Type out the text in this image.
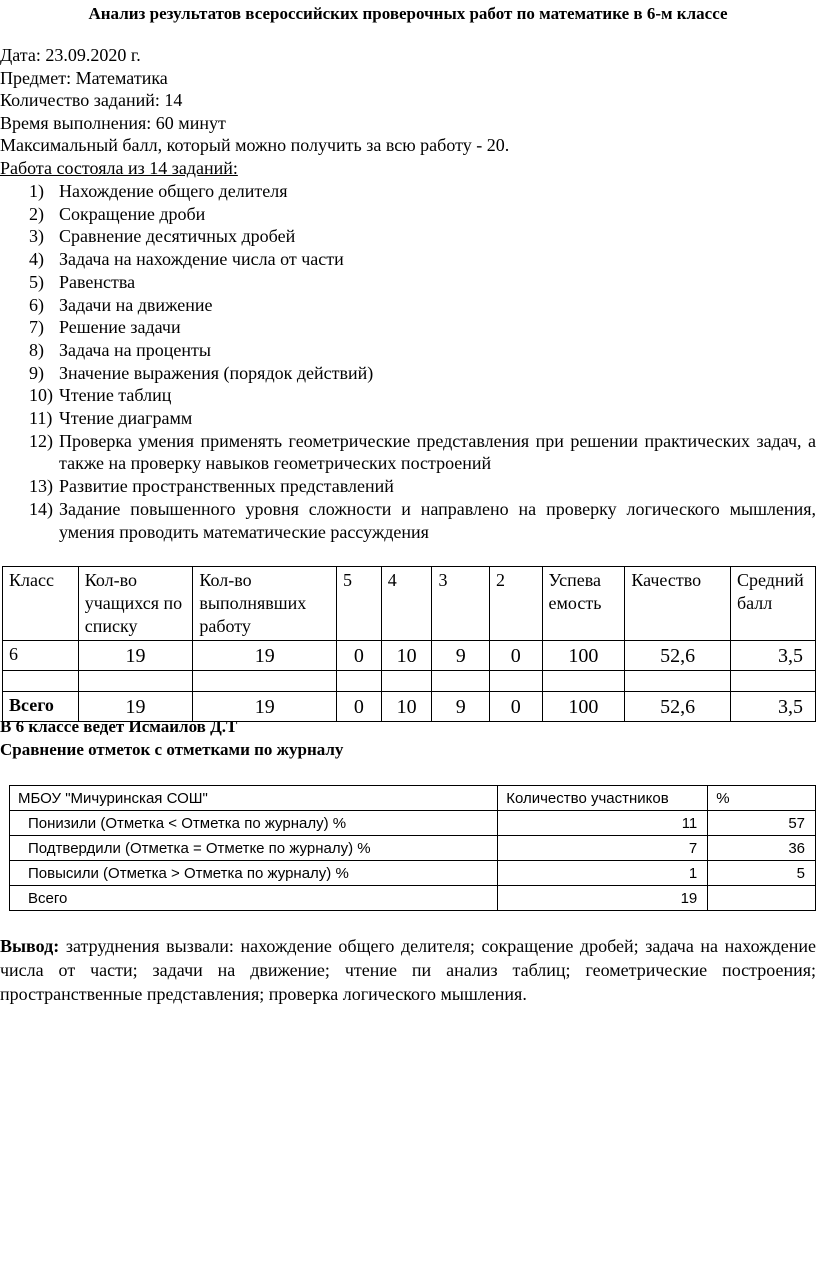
Анализ результатов всероссийских проверочных работ по математике в 6-м классе
Дата: 23.09.2020 г.
Предмет: Математика
Количество заданий: 14
Время выполнения: 60 минут
Максимальный балл, который можно получить за всю работу - 20.
Работа состояла из 14 заданий:
1) Нахождение общего делителя
2) Сокращение дроби
3) Сравнение десятичных дробей
4) Задача на нахождение числа от части
5) Равенства
6) Задачи на движение
7) Решение задачи
8) Задача на проценты
9) Значение выражения (порядок действий)
10) Чтение таблиц
11) Чтение диаграмм
12) Проверка умения применять геометрические представления при решении практических задач, а также на проверку навыков геометрических построений
13) Развитие пространственных представлений
14) Задание повышенного уровня сложности и направлено на проверку логического мышления, умения проводить математические рассуждения
Класс	Кол-во учащихся по списку	Кол-во выполнявших работу	5	4	3	2	Успева емость	Качество	Средний балл
6	19	19	0	10	9	0	100	52,6	3,5

Всего	19	19	0	10	9	0	100	52,6	3,5
В 6 классе ведет Исмаилов Д.Т
Сравнение отметок с отметками по журналу
МБОУ "Мичуринская СОШ"	Количество участников	%
Понизили (Отметка < Отметка по журналу) %	11	57
Подтвердили (Отметка = Отметке по журналу) %	7	36
Повысили (Отметка > Отметка по журналу) %	1	5
Всего	19	
Вывод: затруднения вызвали: нахождение общего делителя; сокращение дробей; задача на нахождение числа от части; задачи на движение; чтение пи анализ таблиц; геометрические построения; пространственные представления; проверка логического мышления.
